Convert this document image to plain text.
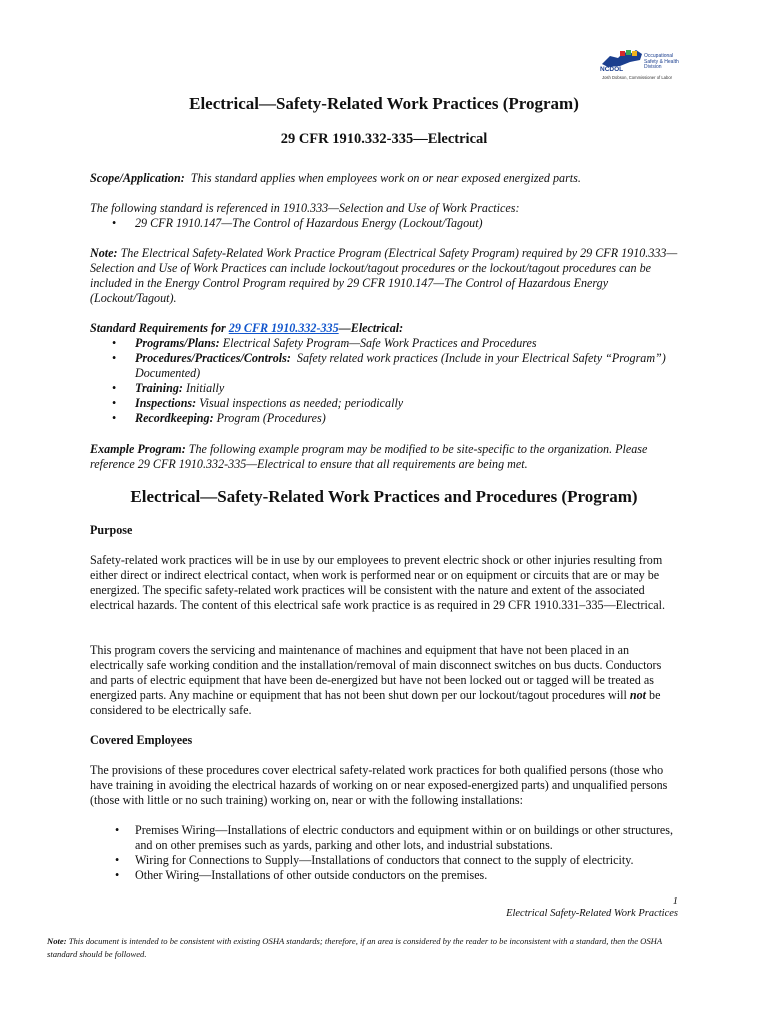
NCDOL
Occupational Safety & Health Division
Josh Dobson, Commissioner of Labor
Electrical—Safety-Related Work Practices (Program)
29 CFR 1910.332-335—Electrical
Scope/Application: This standard applies when employees work on or near exposed energized parts.
The following standard is referenced in 1910.333—Selection and Use of Work Practices:
• 29 CFR 1910.147—The Control of Hazardous Energy (Lockout/Tagout)
Note: The Electrical Safety-Related Work Practice Program (Electrical Safety Program) required by 29 CFR 1910.333—Selection and Use of Work Practices can include lockout/tagout procedures or the lockout/tagout procedures can be included in the Energy Control Program required by 29 CFR 1910.147—The Control of Hazardous Energy (Lockout/Tagout).
Standard Requirements for 29 CFR 1910.332-335—Electrical:
• Programs/Plans: Electrical Safety Program—Safe Work Practices and Procedures
• Procedures/Practices/Controls: Safety related work practices (Include in your Electrical Safety “Program”) Documented)
• Training: Initially
• Inspections: Visual inspections as needed; periodically
• Recordkeeping: Program (Procedures)
Example Program: The following example program may be modified to be site-specific to the organization. Please reference 29 CFR 1910.332-335—Electrical to ensure that all requirements are being met.
Electrical—Safety-Related Work Practices and Procedures (Program)
Purpose
Safety-related work practices will be in use by our employees to prevent electric shock or other injuries resulting from either direct or indirect electrical contact, when work is performed near or on equipment or circuits that are or may be energized. The specific safety-related work practices will be consistent with the nature and extent of the associated electrical hazards. The content of this electrical safe work practice is as required in 29 CFR 1910.331–335—Electrical.
This program covers the servicing and maintenance of machines and equipment that have not been placed in an electrically safe working condition and the installation/removal of main disconnect switches on bus ducts. Conductors and parts of electric equipment that have been de-energized but have not been locked out or tagged will be treated as energized parts. Any machine or equipment that has not been shut down per our lockout/tagout procedures will not be considered to be electrically safe.
Covered Employees
The provisions of these procedures cover electrical safety-related work practices for both qualified persons (those who have training in avoiding the electrical hazards of working on or near exposed-energized parts) and unqualified persons (those with little or no such training) working on, near or with the following installations:
• Premises Wiring—Installations of electric conductors and equipment within or on buildings or other structures, and on other premises such as yards, parking and other lots, and industrial substations.
• Wiring for Connections to Supply—Installations of conductors that connect to the supply of electricity.
• Other Wiring—Installations of other outside conductors on the premises.
1
Electrical Safety-Related Work Practices
Note: This document is intended to be consistent with existing OSHA standards; therefore, if an area is considered by the reader to be inconsistent with a standard, then the OSHA standard should be followed.
